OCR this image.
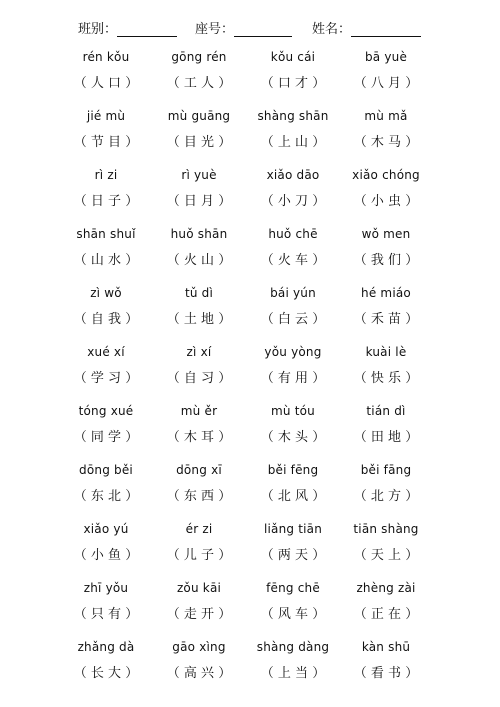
班别：	座号：	姓名：
rén kǒu
（ 人 口 ）
gōng rén
（ 工 人 ）
kǒu cái
（ 口 才 ）
bā yuè
（ 八 月 ）
jié mù
（ 节 目 ）
mù guāng
（ 目 光 ）
shàng shān
（ 上 山 ）
mù mǎ
（ 木 马 ）
rì zi
（ 日 子 ）
rì yuè
（ 日 月 ）
xiǎo dāo
（ 小 刀 ）
xiǎo chóng
（ 小 虫 ）
shān shuǐ
（ 山 水 ）
huǒ shān
（ 火 山 ）
huǒ chē
（ 火 车 ）
wǒ men
（ 我 们 ）
zì wǒ
（ 自 我 ）
tǔ dì
（ 土 地 ）
bái yún
（ 白 云 ）
hé miáo
（ 禾 苗 ）
xué xí
（ 学 习 ）
zì xí
（ 自 习 ）
yǒu yòng
（ 有 用 ）
kuài lè
（ 快 乐 ）
tóng xué
（ 同 学 ）
mù ěr
（ 木 耳 ）
mù tóu
（ 木 头 ）
tián dì
（ 田 地 ）
dōng běi
（ 东 北 ）
dōng xī
（ 东 西 ）
běi fēng
（ 北 风 ）
běi fāng
（ 北 方 ）
xiǎo yú
（ 小 鱼 ）
ér zi
（ 儿 子 ）
liǎng tiān
（ 两 天 ）
tiān shàng
（ 天 上 ）
zhī yǒu
（ 只 有 ）
zǒu kāi
（ 走 开 ）
fēng chē
（ 风 车 ）
zhèng zài
（ 正 在 ）
zhǎng dà
（ 长 大 ）
gāo xìng
（ 高 兴 ）
shàng dàng
（ 上 当 ）
kàn shū
（ 看 书 ）
